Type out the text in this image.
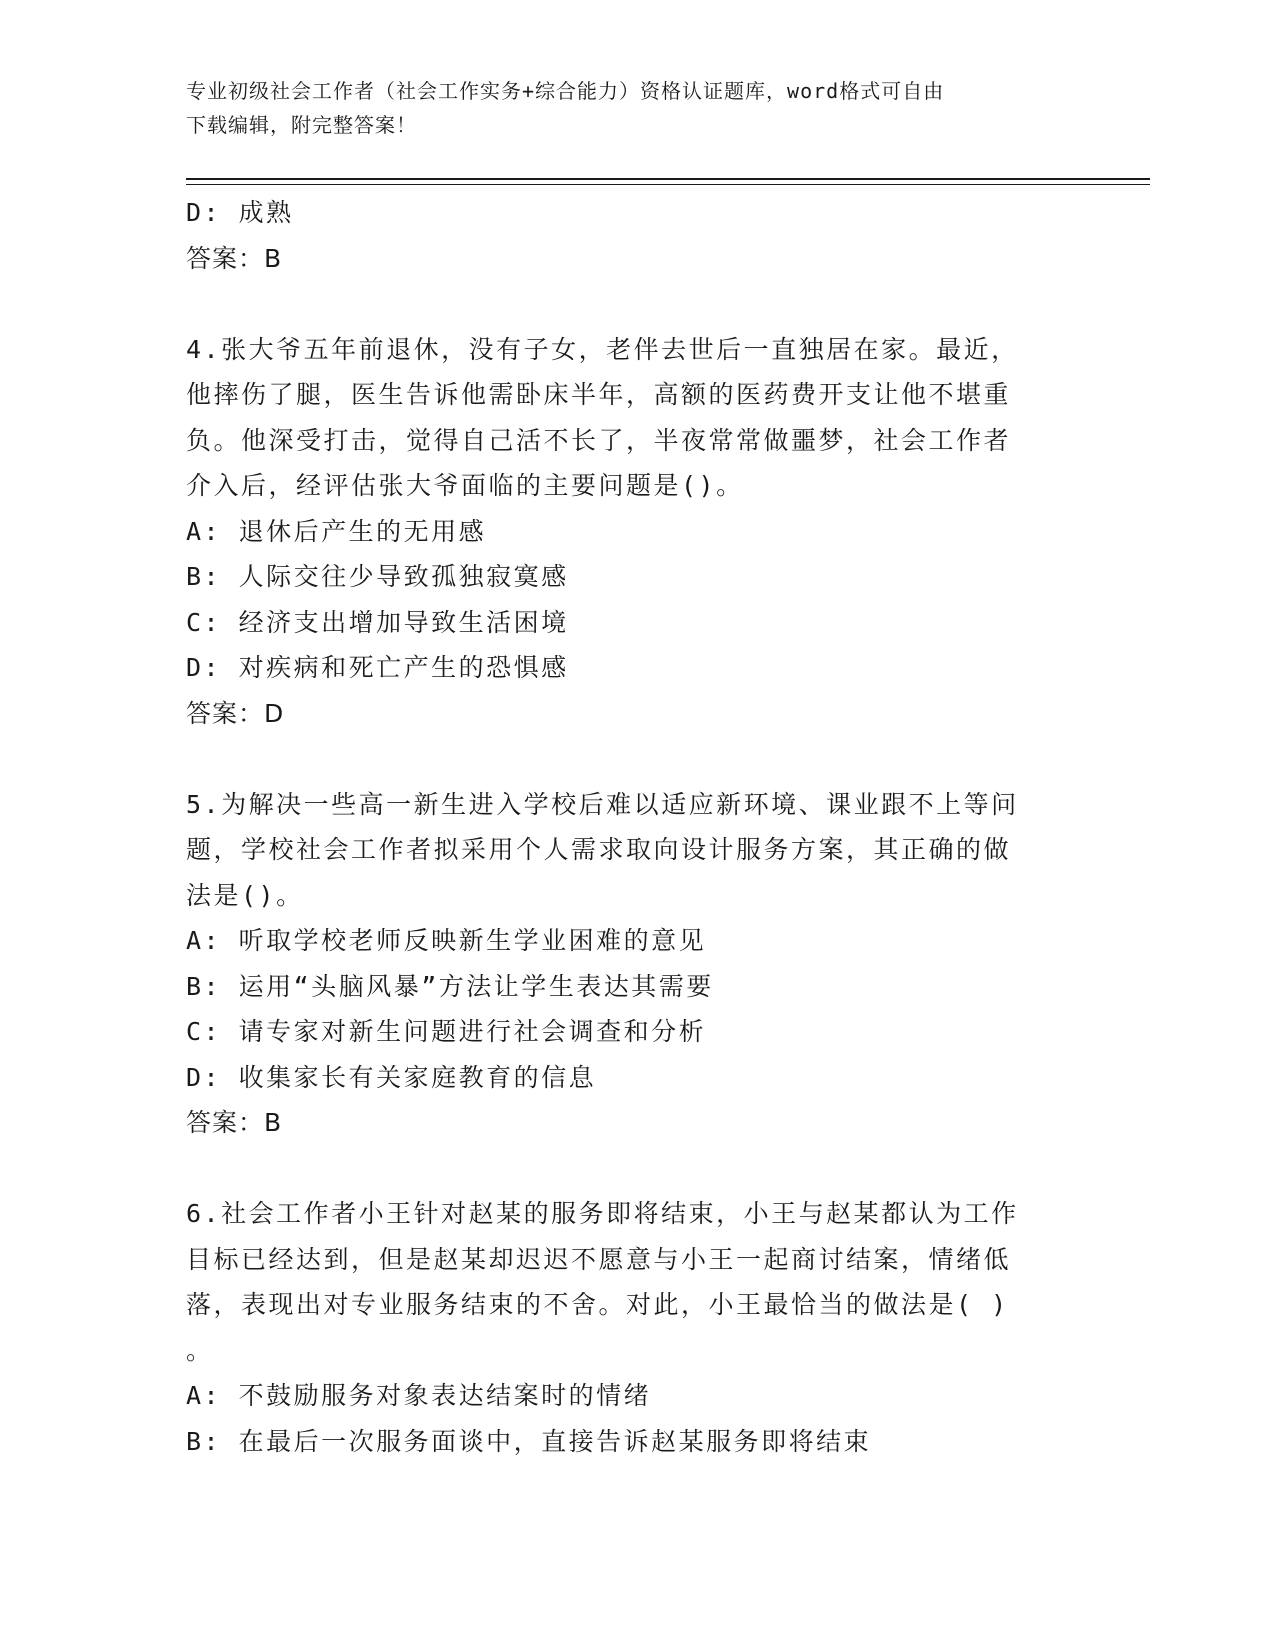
专业初级社会工作者（社会工作实务+综合能力）资格认证题库，word格式可自由
下载编辑，附完整答案！
D: 成熟
答案：B
4.张大爷五年前退休，没有子女，老伴去世后一直独居在家。最近，
他摔伤了腿，医生告诉他需卧床半年，高额的医药费开支让他不堪重
负。他深受打击，觉得自己活不长了，半夜常常做噩梦，社会工作者
介入后，经评估张大爷面临的主要问题是()。
A: 退休后产生的无用感
B: 人际交往少导致孤独寂寞感
C: 经济支出增加导致生活困境
D: 对疾病和死亡产生的恐惧感
答案：D
5.为解决一些高一新生进入学校后难以适应新环境、课业跟不上等问
题，学校社会工作者拟采用个人需求取向设计服务方案，其正确的做
法是()。
A: 听取学校老师反映新生学业困难的意见
B: 运用“头脑风暴”方法让学生表达其需要
C: 请专家对新生问题进行社会调查和分析
D: 收集家长有关家庭教育的信息
答案：B
6.社会工作者小王针对赵某的服务即将结束，小王与赵某都认为工作
目标已经达到，但是赵某却迟迟不愿意与小王一起商讨结案，情绪低
落，表现出对专业服务结束的不舍。对此，小王最恰当的做法是( )
。
A: 不鼓励服务对象表达结案时的情绪
B: 在最后一次服务面谈中，直接告诉赵某服务即将结束
